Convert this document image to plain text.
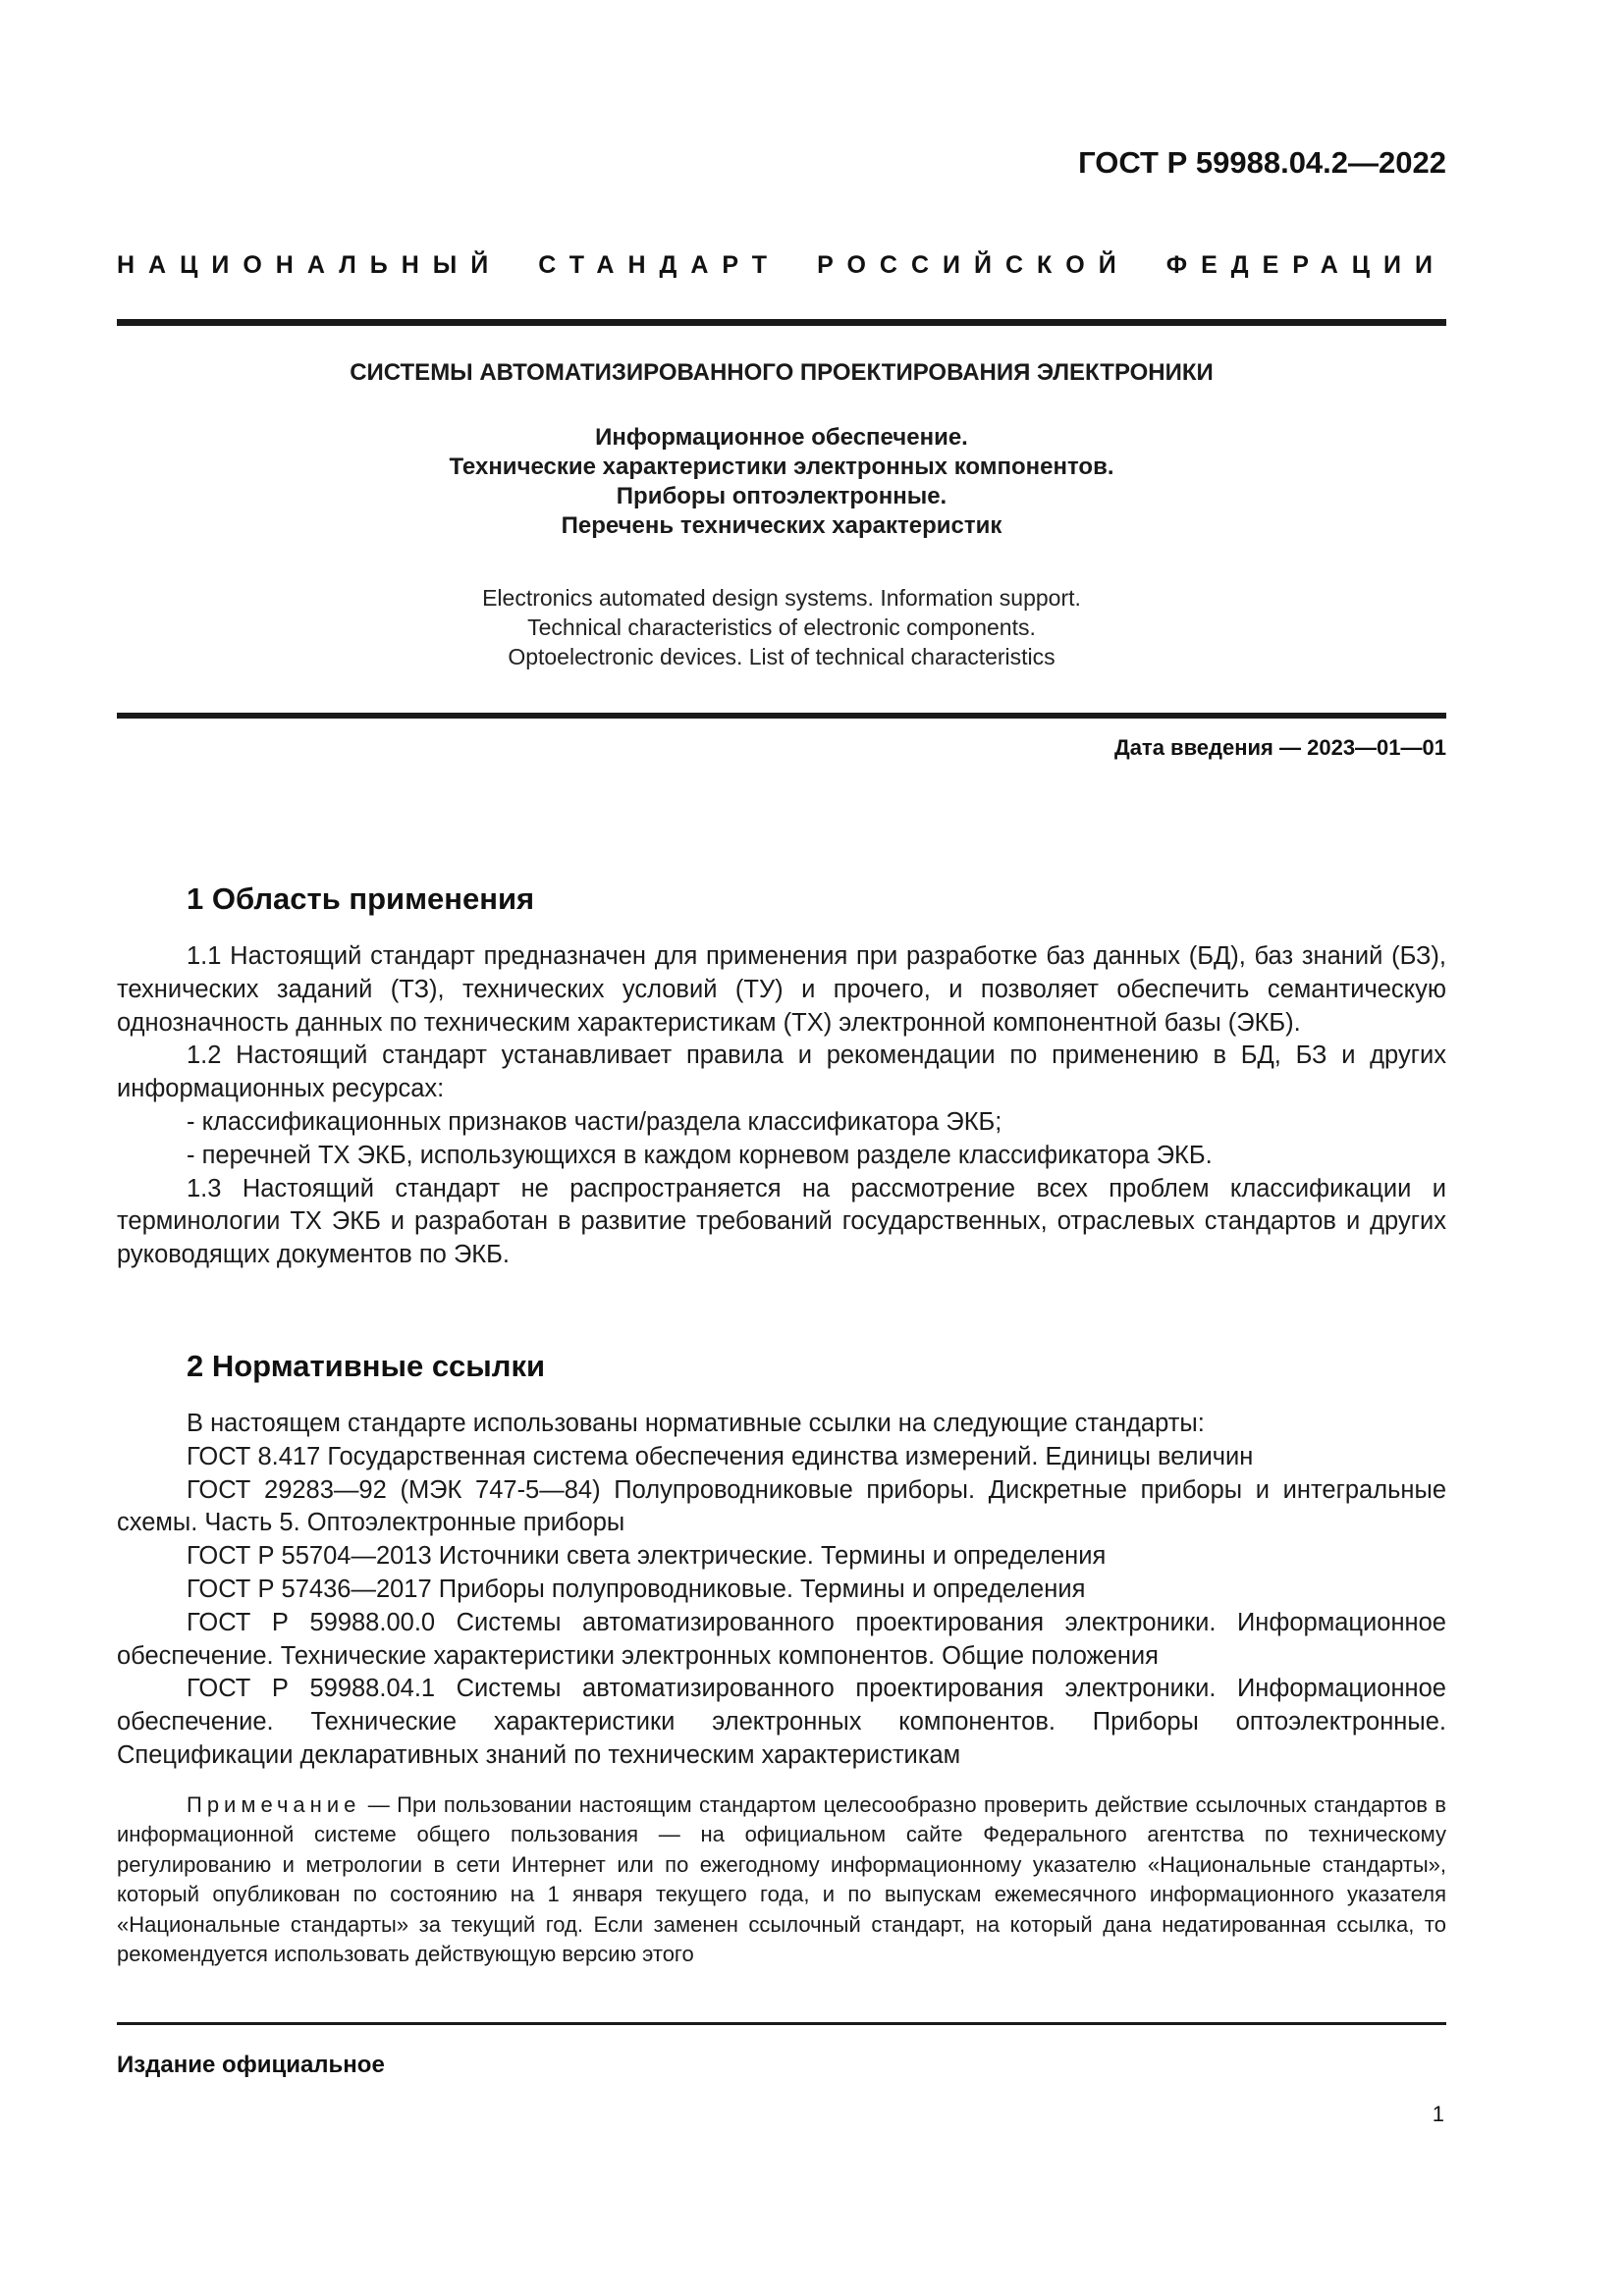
ГОСТ Р 59988.04.2—2022
НАЦИОНАЛЬНЫЙ СТАНДАРТ РОССИЙСКОЙ ФЕДЕРАЦИИ
СИСТЕМЫ АВТОМАТИЗИРОВАННОГО ПРОЕКТИРОВАНИЯ ЭЛЕКТРОНИКИ
Информационное обеспечение.
Технические характеристики электронных компонентов.
Приборы оптоэлектронные.
Перечень технических характеристик
Electronics automated design systems. Information support.
Technical characteristics of electronic components.
Optoelectronic devices. List of technical characteristics
Дата введения — 2023—01—01
1 Область применения

1.1 Настоящий стандарт предназначен для применения при разработке баз данных (БД), баз знаний (БЗ), технических заданий (ТЗ), технических условий (ТУ) и прочего, и позволяет обеспечить семантическую однозначность данных по техническим характеристикам (ТХ) электронной компонентной базы (ЭКБ).

1.2 Настоящий стандарт устанавливает правила и рекомендации по применению в БД, БЗ и других информационных ресурсах:

- классификационных признаков части/раздела классификатора ЭКБ;

- перечней ТХ ЭКБ, использующихся в каждом корневом разделе классификатора ЭКБ.

1.3 Настоящий стандарт не распространяется на рассмотрение всех проблем классификации и терминологии ТХ ЭКБ и разработан в развитие требований государственных, отраслевых стандартов и других руководящих документов по ЭКБ.

2 Нормативные ссылки

В настоящем стандарте использованы нормативные ссылки на следующие стандарты:

ГОСТ 8.417 Государственная система обеспечения единства измерений. Единицы величин

ГОСТ 29283—92 (МЭК 747-5—84) Полупроводниковые приборы. Дискретные приборы и интегральные схемы. Часть 5. Оптоэлектронные приборы

ГОСТ Р 55704—2013 Источники света электрические. Термины и определения

ГОСТ Р 57436—2017 Приборы полупроводниковые. Термины и определения

ГОСТ Р 59988.00.0 Системы автоматизированного проектирования электроники. Информационное обеспечение. Технические характеристики электронных компонентов. Общие положения

ГОСТ Р 59988.04.1 Системы автоматизированного проектирования электроники. Информационное обеспечение. Технические характеристики электронных компонентов. Приборы оптоэлектронные. Спецификации декларативных знаний по техническим характеристикам

Примечание — При пользовании настоящим стандартом целесообразно проверить действие ссылочных стандартов в информационной системе общего пользования — на официальном сайте Федерального агентства по техническому регулированию и метрологии в сети Интернет или по ежегодному информационному указателю «Национальные стандарты», который опубликован по состоянию на 1 января текущего года, и по выпускам ежемесячного информационного указателя «Национальные стандарты» за текущий год. Если заменен ссылочный стандарт, на который дана недатированная ссылка, то рекомендуется использовать действующую версию этого
Издание официальное
1
